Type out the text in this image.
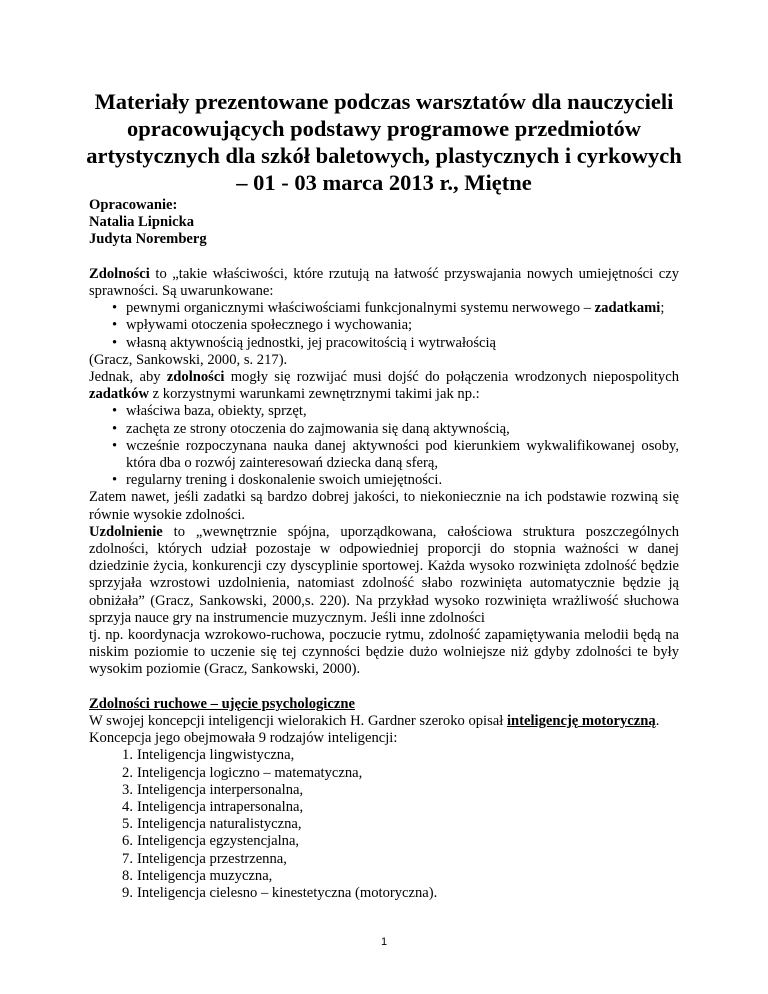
Materiały prezentowane podczas warsztatów dla nauczycieli opracowujących podstawy programowe przedmiotów artystycznych dla szkół baletowych, plastycznych i cyrkowych – 01 - 03 marca 2013 r., Miętne

Opracowanie:
Natalia Lipnicka
Judyta Noremberg

Zdolności to „takie właściwości, które rzutują na łatwość przyswajania nowych umiejętności czy sprawności. Są uwarunkowane:

• pewnymi organicznymi właściwościami funkcjonalnymi systemu nerwowego – zadatkami;
• wpływami otoczenia społecznego i wychowania;
• własną aktywnością jednostki, jej pracowitością i wytrwałością

(Gracz, Sankowski, 2000, s. 217).

Jednak, aby zdolności mogły się rozwijać musi dojść do połączenia wrodzonych niepospolitych zadatków z korzystnymi warunkami zewnętrznymi takimi jak np.:

• właściwa baza, obiekty, sprzęt,
• zachęta ze strony otoczenia do zajmowania się daną aktywnością,
• wcześnie rozpoczynana nauka danej aktywności pod kierunkiem wykwalifikowanej osoby, która dba o rozwój zainteresowań dziecka daną sferą,
• regularny trening i doskonalenie swoich umiejętności.

Zatem nawet, jeśli zadatki są bardzo dobrej jakości, to niekoniecznie na ich podstawie rozwiną się równie wysokie zdolności.

Uzdolnienie to „wewnętrznie spójna, uporządkowana, całościowa struktura poszczególnych zdolności, których udział pozostaje w odpowiedniej proporcji do stopnia ważności w danej dziedzinie życia, konkurencji czy dyscyplinie sportowej. Każda wysoko rozwinięta zdolność będzie sprzyjała wzrostowi uzdolnienia, natomiast zdolność słabo rozwinięta automatycznie będzie ją obniżała” (Gracz, Sankowski, 2000,s. 220). Na przykład wysoko rozwinięta wrażliwość słuchowa sprzyja nauce gry na instrumencie muzycznym. Jeśli inne zdolności

tj. np. koordynacja wzrokowo-ruchowa, poczucie rytmu, zdolność zapamiętywania melodii będą na niskim poziomie to uczenie się tej czynności będzie dużo wolniejsze niż gdyby zdolności te były wysokim poziomie (Gracz, Sankowski, 2000).

Zdolności ruchowe – ujęcie psychologiczne

W swojej koncepcji inteligencji wielorakich H. Gardner szeroko opisał inteligencję motoryczną.

Koncepcja jego obejmowała 9 rodzajów inteligencji:

1. Inteligencja lingwistyczna,
2. Inteligencja logiczno – matematyczna,
3. Inteligencja interpersonalna,
4. Inteligencja intrapersonalna,
5. Inteligencja naturalistyczna,
6. Inteligencja egzystencjalna,
7. Inteligencja przestrzenna,
8. Inteligencja muzyczna,
9. Inteligencja cielesno – kinestetyczna (motoryczna).
1
